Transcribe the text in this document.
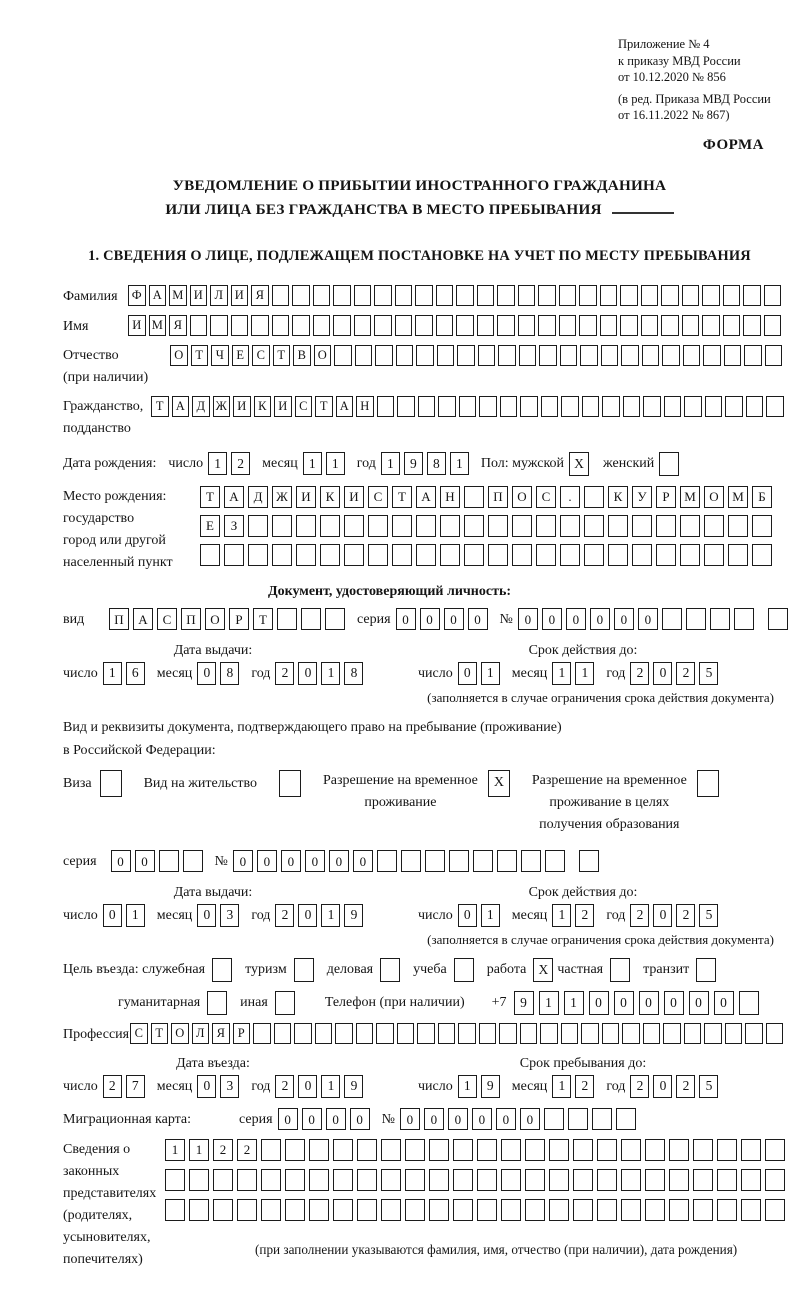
Приложение № 4
к приказу МВД России
от 10.12.2020 № 856
(в ред. Приказа МВД России
от 16.11.2022 № 867)
ФОРМА
УВЕДОМЛЕНИЕ О ПРИБЫТИИ ИНОСТРАННОГО ГРАЖДАНИНА
ИЛИ ЛИЦА БЕЗ ГРАЖДАНСТВА В МЕСТО ПРЕБЫВАНИЯ
1. СВЕДЕНИЯ О ЛИЦЕ, ПОДЛЕЖАЩЕМ ПОСТАНОВКЕ НА УЧЕТ ПО МЕСТУ ПРЕБЫВАНИЯ
Фамилия	Ф А М И Л И Я
Имя	И М Я
Отчество
(при наличии)
О Т	Ч	Е	С	Т	В О
Гражданство,
подданство
Т А Д Ж И К И С	Т А Н
Дата рождения: число 1	2	месяц 1	1	год 1	9	8	1	Пол: мужской X	женский
Место рождения:
государство
город или другой
населенный пункт
Т	А	Д	Ж	И	К	И	С	Т	А	Н	П	О	С	.	К	У	Р	М	О	М	Б
Е	З
Документ, удостоверяющий личность:
вид	П	А	С	П	О	Р	Т	серия 0	0	0	0	№ 0	0	0	0	0	0
Дата выдачи:
число 1	6	месяц 0	8	год 2	0	1	8
Срок действия до:
число 0	1	месяц 1	1	год 2	0	2	5
(заполняется в случае ограничения срока действия документа)
Вид и реквизиты документа, подтверждающего право на пребывание (проживание)
в Российской Федерации:
Виза	Вид на жительство	Разрешение на временное
проживание
X	Разрешение на временное
проживание в целях
получения образования
серия	0	0	№ 0	0	0	0	0	0
Дата выдачи:
число 0	1	месяц 0	3	год 2	0	1	9
Срок действия до:
число 0	1	месяц 1	2	год 2	0	2	5
(заполняется в случае ограничения срока действия документа)
Цель въезда: служебная	туризм	деловая	учеба	работа X частная	транзит
гуманитарная	иная	Телефон (при наличии) +7	9	1	1	0	0	0	0	0	0
Профессия С	Т О Л Я	Р
Дата въезда:
число 2	7	месяц 0	3	год 2	0	1	9
Срок пребывания до:
число 1	9	месяц 1	2	год 2	0	2	5
Миграционная карта:	серия 0	0	0	0	№ 0	0	0	0	0	0
Сведения о
законных
представителях
(родителях,
усыновителях,
попечителях)
1	1	2	2
(при заполнении указываются фамилия, имя, отчество (при наличии), дата рождения)
